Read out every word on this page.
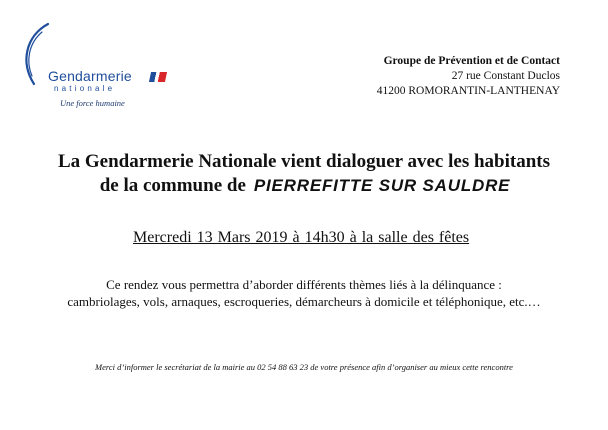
Gendarmerie
nationale
Une force humaine
Groupe de Prévention et de Contact
27 rue Constant Duclos
41200 ROMORANTIN-LANTHENAY
La Gendarmerie Nationale vient dialoguer avec les habitants
de la commune de PIERREFITTE SUR SAULDRE
Mercredi 13 Mars 2019 à 14h30 à la salle des fêtes
Ce rendez vous permettra d’aborder différents thèmes liés à la délinquance :
cambriolages, vols, arnaques, escroqueries, démarcheurs à domicile et téléphonique, etc.…
Merci d’informer le secrétariat de la mairie au 02 54 88 63 23 de votre présence afin d’organiser au mieux cette rencontre
